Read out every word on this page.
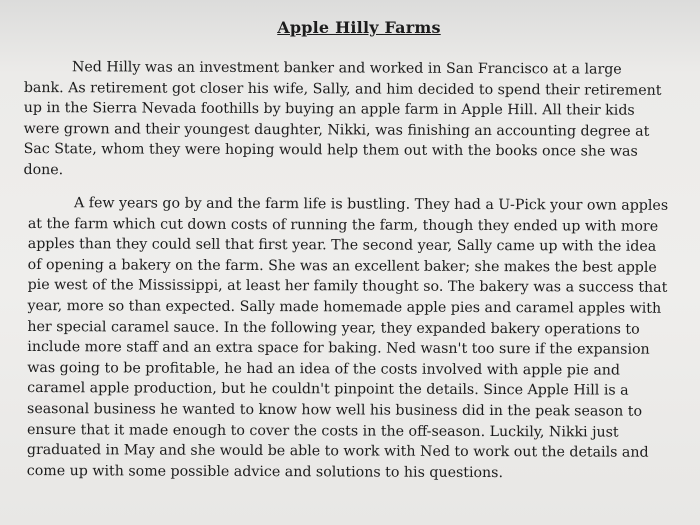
Apple Hilly Farms

Ned Hilly was an investment banker and worked in San Francisco at a large bank. As retirement got closer his wife, Sally, and him decided to spend their retirement up in the Sierra Nevada foothills by buying an apple farm in Apple Hill. All their kids were grown and their youngest daughter, Nikki, was finishing an accounting degree at Sac State, whom they were hoping would help them out with the books once she was done.

A few years go by and the farm life is bustling. They had a U-Pick your own apples at the farm which cut down costs of running the farm, though they ended up with more apples than they could sell that first year. The second year, Sally came up with the idea of opening a bakery on the farm. She was an excellent baker; she makes the best apple pie west of the Mississippi, at least her family thought so. The bakery was a success that year, more so than expected. Sally made homemade apple pies and caramel apples with her special caramel sauce. In the following year, they expanded bakery operations to include more staff and an extra space for baking. Ned wasn't too sure if the expansion was going to be profitable, he had an idea of the costs involved with apple pie and caramel apple production, but he couldn't pinpoint the details. Since Apple Hill is a seasonal business he wanted to know how well his business did in the peak season to ensure that it made enough to cover the costs in the off-season. Luckily, Nikki just graduated in May and she would be able to work with Ned to work out the details and come up with some possible advice and solutions to his questions.
